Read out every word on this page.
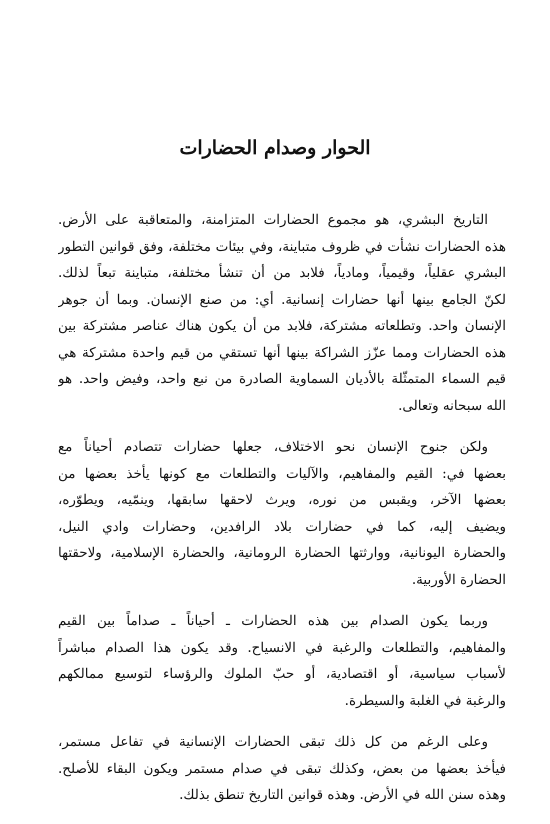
الحوار وصدام الحضارات

التاريخ البشري، هو مجموع الحضارات المتزامنة، والمتعاقبة على الأرض.
هذه الحضارات نشأت في ظروف متباينة، وفي بيئات مختلفة، وفق قوانين التطور
البشري عقلياً، وقيمياً، ومادياً، فلابد من أن تنشأ مختلفة، متباينة تبعاً لذلك.
لكنّ الجامع بينها أنها حضارات إنسانية. أي: من صنع الإنسان. وبما أن جوهر
الإنسان واحد. وتطلعاته مشتركة، فلابد من أن يكون هناك عناصر مشتركة بين
هذه الحضارات ومما عزّز الشراكة بينها أنها تستقي من قيم واحدة مشتركة هي
قيم السماء المتمثّلة بالأديان السماوية الصادرة من نبع واحد، وفيض واحد. هو
الله سبحانه وتعالى.

ولكن جنوح الإنسان نحو الاختلاف، جعلها حضارات تتصادم أحياناً مع
بعضها في: القيم والمفاهيم، والآليات والتطلعات مع كونها يأخذ بعضها من
بعضها الآخر، ويقبس من نوره، ويرث لاحقها سابقها، وينمّيه، ويطوّره،
ويضيف إليه، كما في حضارات بلاد الرافدين، وحضارات وادي النيل،
والحضارة اليونانية، ووارثتها الحضارة الرومانية، والحضارة الإسلامية، ولاحقتها
الحضارة الأوربية.

وربما يكون الصدام بين هذه الحضارات ـ أحياناً ـ صداماً بين القيم
والمفاهيم، والتطلعات والرغبة في الانسياح. وقد يكون هذا الصدام مباشراً
لأسباب سياسية، أو اقتصادية، أو حبّ الملوك والرؤساء لتوسيع ممالكهم
والرغبة في الغلبة والسيطرة.

وعلى الرغم من كل ذلك تبقى الحضارات الإنسانية في تفاعل مستمر،
فيأخذ بعضها من بعض، وكذلك تبقى في صدام مستمر ويكون البقاء للأصلح.
وهذه سنن الله في الأرض. وهذه قوانين التاريخ تنطق بذلك.
